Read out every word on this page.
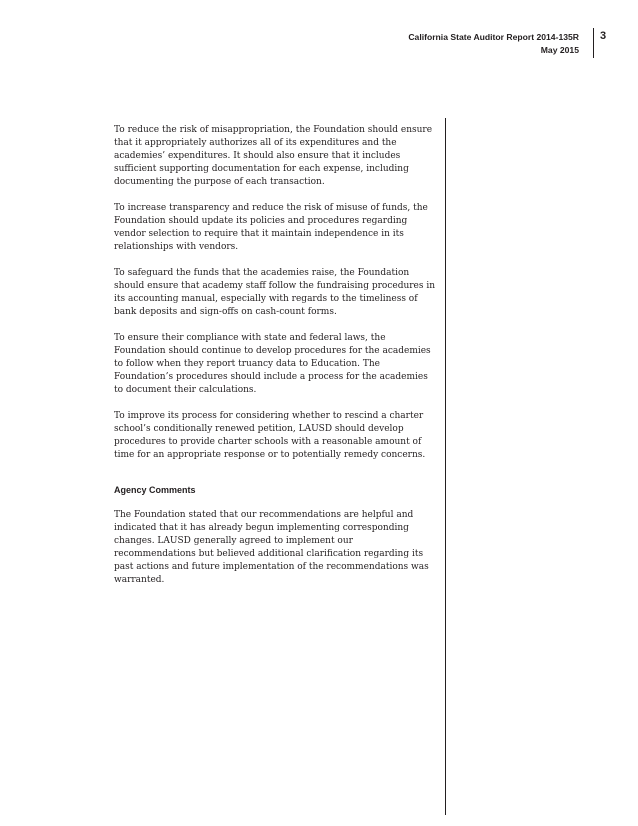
California State Auditor Report 2014-135R
May 2015
3

To reduce the risk of misappropriation, the Foundation should ensure that it appropriately authorizes all of its expenditures and the academies’ expenditures. It should also ensure that it includes sufficient supporting documentation for each expense, including documenting the purpose of each transaction.

To increase transparency and reduce the risk of misuse of funds, the Foundation should update its policies and procedures regarding vendor selection to require that it maintain independence in its relationships with vendors.

To safeguard the funds that the academies raise, the Foundation should ensure that academy staff follow the fundraising procedures in its accounting manual, especially with regards to the timeliness of bank deposits and sign-offs on cash-count forms.

To ensure their compliance with state and federal laws, the Foundation should continue to develop procedures for the academies to follow when they report truancy data to Education. The Foundation’s procedures should include a process for the academies to document their calculations.

To improve its process for considering whether to rescind a charter school’s conditionally renewed petition, LAUSD should develop procedures to provide charter schools with a reasonable amount of time for an appropriate response or to potentially remedy concerns.

Agency Comments

The Foundation stated that our recommendations are helpful and indicated that it has already begun implementing corresponding changes. LAUSD generally agreed to implement our recommendations but believed additional clarification regarding its past actions and future implementation of the recommendations was warranted.
